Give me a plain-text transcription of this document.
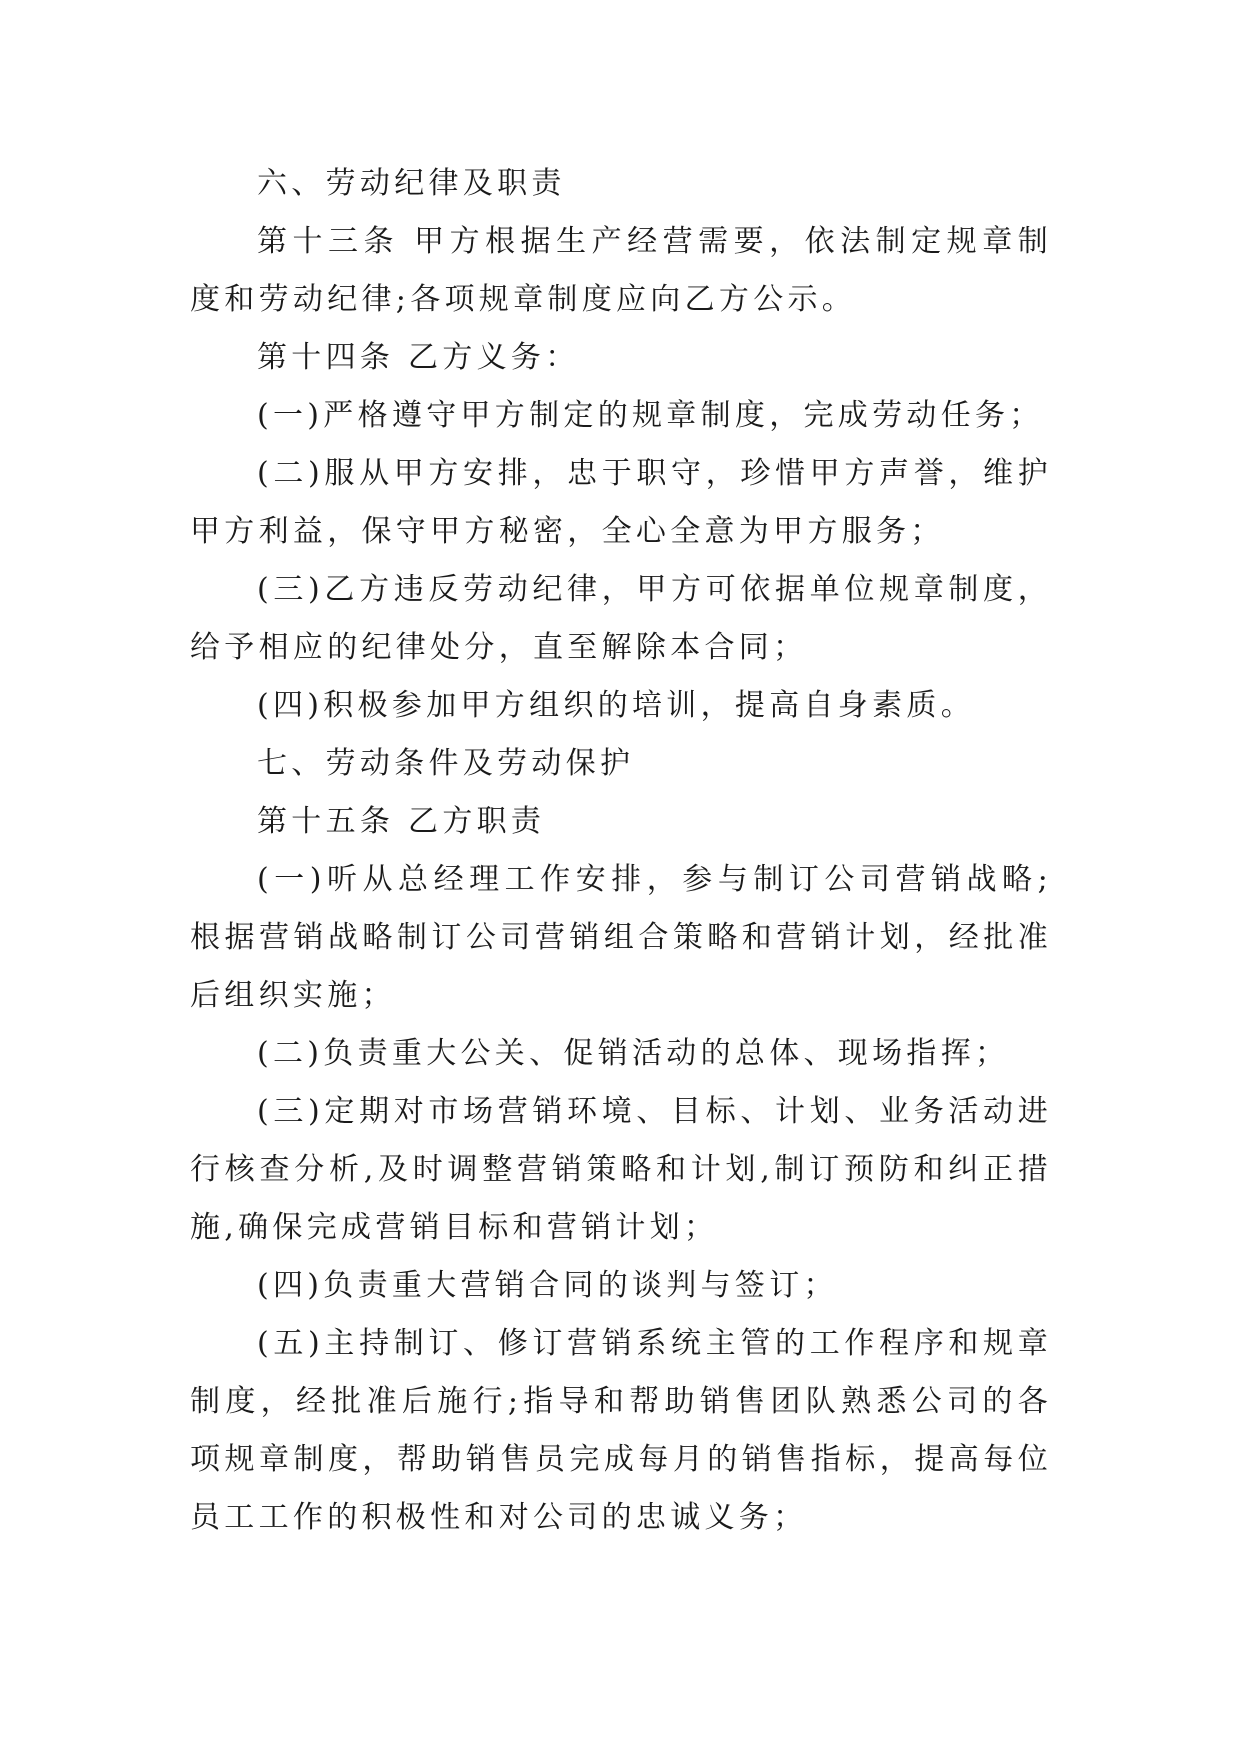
六、劳动纪律及职责

第十三条 甲方根据生产经营需要，依法制定规章制度和劳动纪律;各项规章制度应向乙方公示。

第十四条 乙方义务：

(一)严格遵守甲方制定的规章制度，完成劳动任务；

(二)服从甲方安排，忠于职守，珍惜甲方声誉，维护甲方利益，保守甲方秘密，全心全意为甲方服务；

(三)乙方违反劳动纪律，甲方可依据单位规章制度，给予相应的纪律处分，直至解除本合同；

(四)积极参加甲方组织的培训，提高自身素质。

七、劳动条件及劳动保护

第十五条 乙方职责

(一)听从总经理工作安排，参与制订公司营销战略;根据营销战略制订公司营销组合策略和营销计划，经批准后组织实施；

(二)负责重大公关、促销活动的总体、现场指挥；

(三)定期对市场营销环境、目标、计划、业务活动进行核查分析,及时调整营销策略和计划,制订预防和纠正措施,确保完成营销目标和营销计划；

(四)负责重大营销合同的谈判与签订；

(五)主持制订、修订营销系统主管的工作程序和规章制度，经批准后施行;指导和帮助销售团队熟悉公司的各项规章制度，帮助销售员完成每月的销售指标，提高每位员工工作的积极性和对公司的忠诚义务；
